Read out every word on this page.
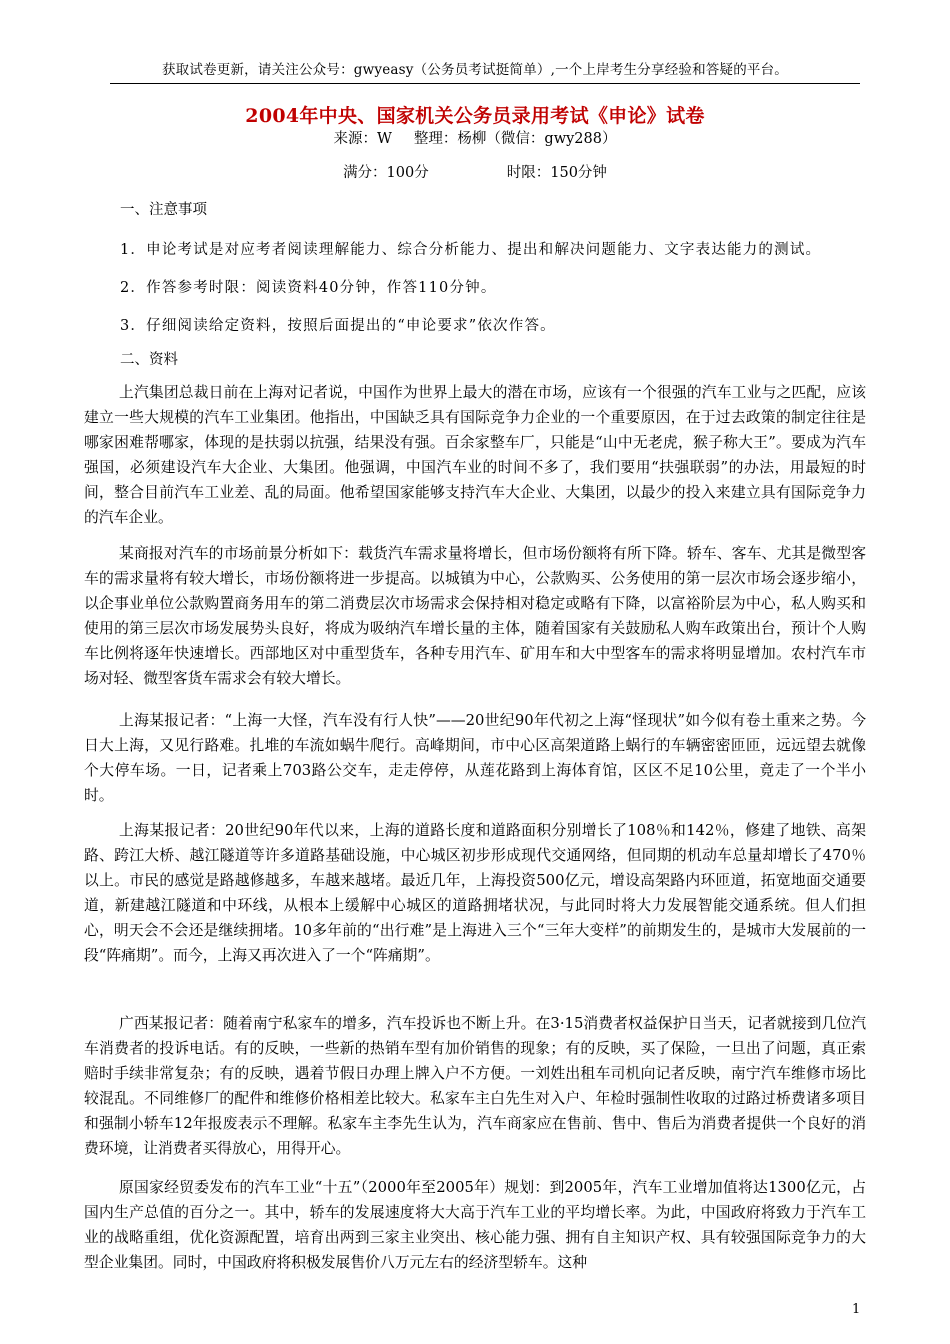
获取试卷更新，请关注公众号：gwyeasy（公务员考试挺简单）,一个上岸考生分享经验和答疑的平台。
2004年中央、国家机关公务员录用考试《申论》试卷
来源：W 整理：杨柳（微信：gwy288）
满分：100分	时限：150分钟
一、注意事项
1．申论考试是对应考者阅读理解能力、综合分析能力、提出和解决问题能力、文字表达能力的测试。
2．作答参考时限：阅读资料40分钟，作答110分钟。
3．仔细阅读给定资料，按照后面提出的“申论要求”依次作答。
二、资料

上汽集团总裁日前在上海对记者说，中国作为世界上最大的潜在市场，应该有一个很强的汽车工业与之匹配，应该建立一些大规模的汽车工业集团。他指出，中国缺乏具有国际竞争力企业的一个重要原因，在于过去政策的制定往往是哪家困难帮哪家，体现的是扶弱以抗强，结果没有强。百余家整车厂，只能是“山中无老虎，猴子称大王”。要成为汽车强国，必须建设汽车大企业、大集团。他强调，中国汽车业的时间不多了，我们要用“扶强联弱”的办法，用最短的时间，整合目前汽车工业差、乱的局面。他希望国家能够支持汽车大企业、大集团，以最少的投入来建立具有国际竞争力的汽车企业。

某商报对汽车的市场前景分析如下：载货汽车需求量将增长，但市场份额将有所下降。轿车、客车、尤其是微型客车的需求量将有较大增长，市场份额将进一步提高。以城镇为中心，公款购买、公务使用的第一层次市场会逐步缩小，以企事业单位公款购置商务用车的第二消费层次市场需求会保持相对稳定或略有下降，以富裕阶层为中心，私人购买和使用的第三层次市场发展势头良好，将成为吸纳汽车增长量的主体，随着国家有关鼓励私人购车政策出台，预计个人购车比例将逐年快速增长。西部地区对中重型货车，各种专用汽车、矿用车和大中型客车的需求将明显增加。农村汽车市场对轻、微型客货车需求会有较大增长。

上海某报记者：“上海一大怪，汽车没有行人快”——20世纪90年代初之上海“怪现状”如今似有卷土重来之势。今日大上海，又见行路难。扎堆的车流如蜗牛爬行。高峰期间，市中心区高架道路上蜗行的车辆密密匝匝，远远望去就像个大停车场。一日，记者乘上703路公交车，走走停停，从莲花路到上海体育馆，区区不足10公里，竟走了一个半小时。

上海某报记者：20世纪90年代以来，上海的道路长度和道路面积分别增长了108％和142％，修建了地铁、高架路、跨江大桥、越江隧道等许多道路基础设施，中心城区初步形成现代交通网络，但同期的机动车总量却增长了470％以上。市民的感觉是路越修越多，车越来越堵。最近几年，上海投资500亿元，增设高架路内环匝道，拓宽地面交通要道，新建越江隧道和中环线，从根本上缓解中心城区的道路拥堵状况，与此同时将大力发展智能交通系统。但人们担心，明天会不会还是继续拥堵。10多年前的“出行难”是上海进入三个“三年大变样”的前期发生的，是城市大发展前的一段“阵痛期”。而今，上海又再次进入了一个“阵痛期”。

广西某报记者：随着南宁私家车的增多，汽车投诉也不断上升。在3·15消费者权益保护日当天，记者就接到几位汽车消费者的投诉电话。有的反映，一些新的热销车型有加价销售的现象；有的反映，买了保险，一旦出了问题，真正索赔时手续非常复杂；有的反映，遇着节假日办理上牌入户不方便。一刘姓出租车司机向记者反映，南宁汽车维修市场比较混乱。不同维修厂的配件和维修价格相差比较大。私家车主白先生对入户、年检时强制性收取的过路过桥费诸多项目和强制小轿车12年报废表示不理解。私家车主李先生认为，汽车商家应在售前、售中、售后为消费者提供一个良好的消费环境，让消费者买得放心，用得开心。

原国家经贸委发布的汽车工业“十五”（2000年至2005年）规划：到2005年，汽车工业增加值将达1300亿元，占国内生产总值的百分之一。其中，轿车的发展速度将大大高于汽车工业的平均增长率。为此，中国政府将致力于汽车工业的战略重组，优化资源配置，培育出两到三家主业突出、核心能力强、拥有自主知识产权、具有较强国际竞争力的大型企业集团。同时，中国政府将积极发展售价八万元左右的经济型轿车。这种

1
